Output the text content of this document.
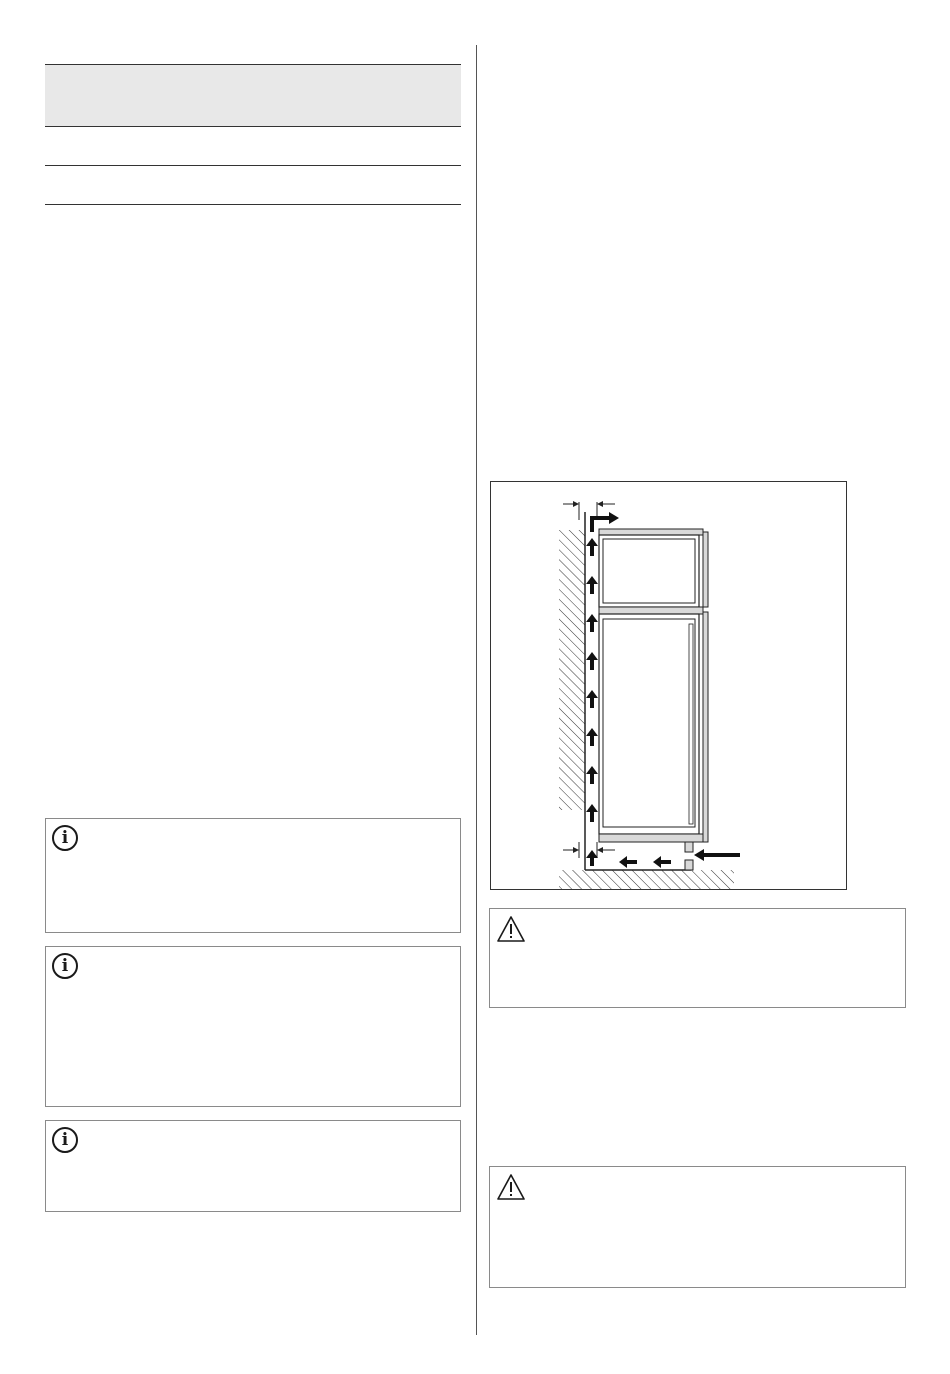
i
i
i
